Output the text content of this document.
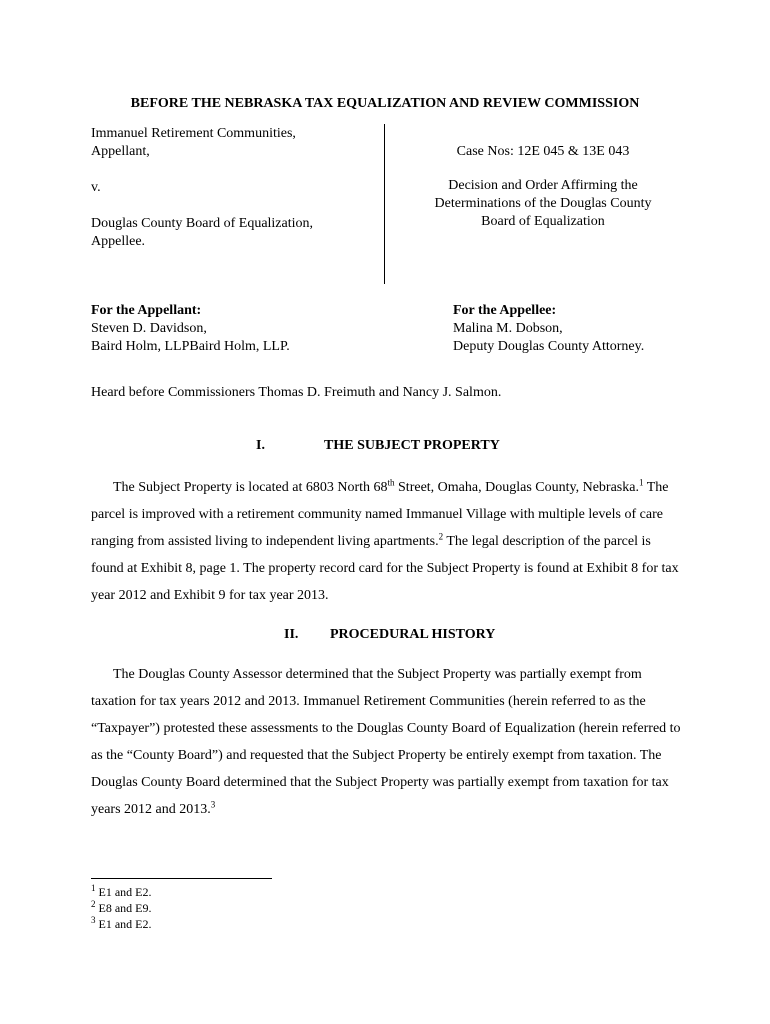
BEFORE THE NEBRASKA TAX EQUALIZATION AND REVIEW COMMISSION
Immanuel Retirement Communities,
Appellant,
v.
Douglas County Board of Equalization,
Appellee.
Case Nos: 12E 045 & 13E 043
Decision and Order Affirming the
Determinations of the Douglas County
Board of Equalization
For the Appellant:
Steven D. Davidson,
Baird Holm, LLPBaird Holm, LLP.
For the Appellee:
Malina M. Dobson,
Deputy Douglas County Attorney.
Heard before Commissioners Thomas D. Freimuth and Nancy J. Salmon.
I.	THE SUBJECT PROPERTY

The Subject Property is located at 6803 North 68th Street, Omaha, Douglas County, Nebraska.$^1$ The parcel is improved with a retirement community named Immanuel Village with multiple levels of care ranging from assisted living to independent living apartments.$^2$ The legal description of the parcel is found at Exhibit 8, page 1. The property record card for the Subject Property is found at Exhibit 8 for tax year 2012 and Exhibit 9 for tax year 2013.

II. PROCEDURAL HISTORY

The Douglas County Assessor determined that the Subject Property was partially exempt from taxation for tax years 2012 and 2013. Immanuel Retirement Communities (herein referred to as the “Taxpayer”) protested these assessments to the Douglas County Board of Equalization (herein referred to as the “County Board”) and requested that the Subject Property be entirely exempt from taxation. The Douglas County Board determined that the Subject Property was partially exempt from taxation for tax years 2012 and 2013.$^3$

$^1$ E1 and E2.
$^2$ E8 and E9.
$^3$ E1 and E2.
